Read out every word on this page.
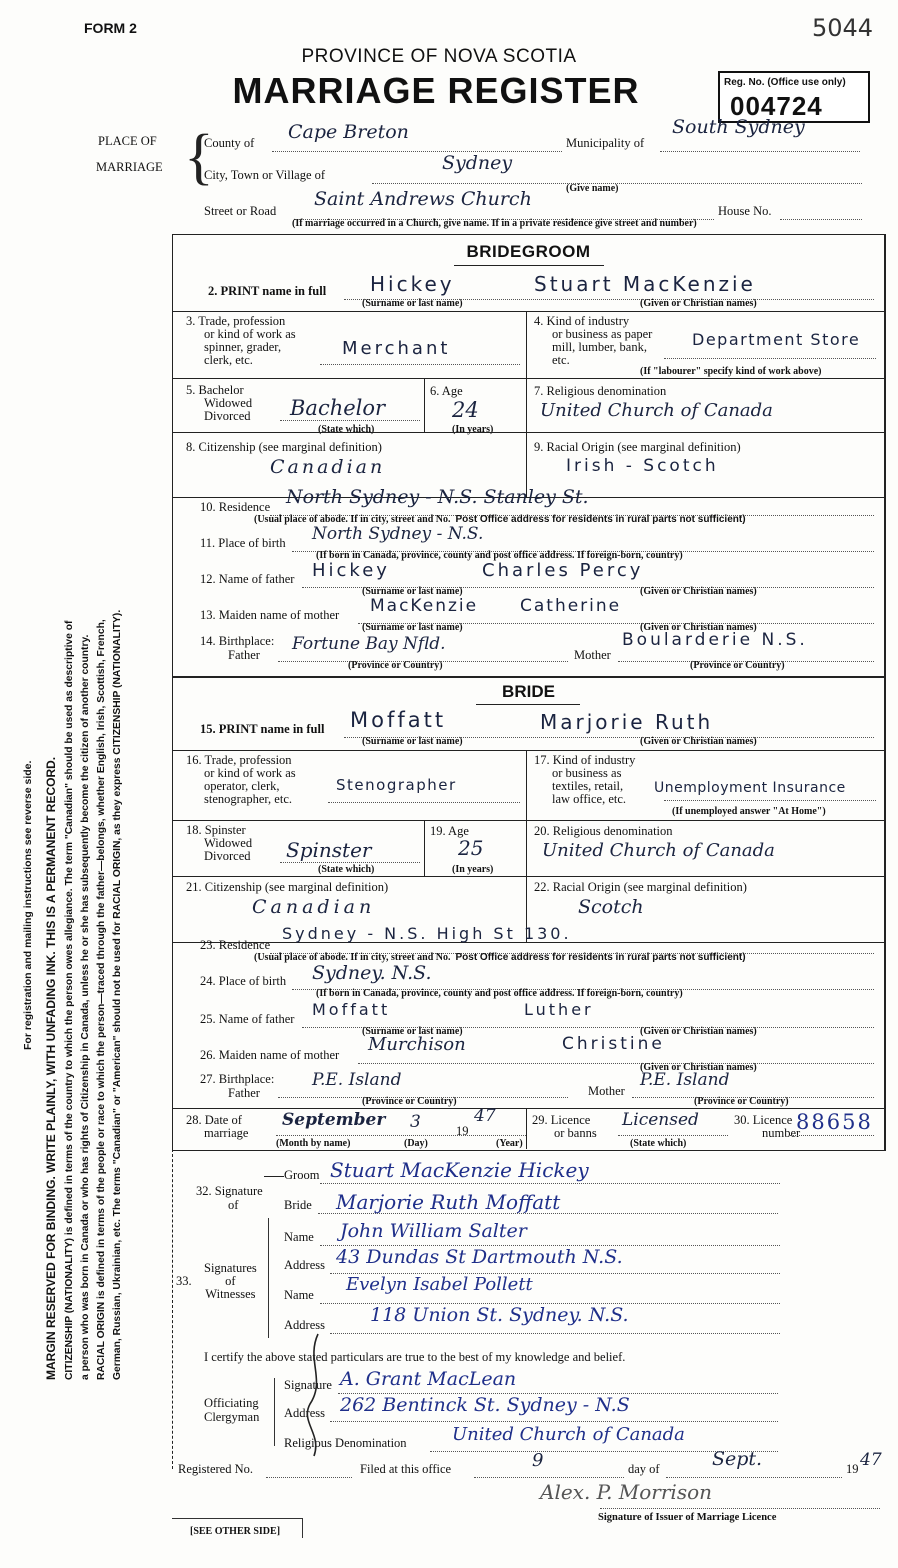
FORM 2	5044
PROVINCE OF NOVA SCOTIA
MARRIAGE REGISTER	Reg. No. (Office use only)
004724
PLACE OF
MARRIAGE {
County of Cape Breton	Municipality of
South Sydney
City, Town or Village of
Sydney
(Give name)
Street or Road
Saint Andrews Church
House No.
(If marriage occurred in a Church, give name. If in a private residence give street and number)
For registration and mailing instructions see reverse side. MARGIN RESERVED FOR BINDING. WRITE PLAINLY, WITH UNFADING INK. THIS IS A PERMANENT RECORD. CITIZENSHIP (NATIONALITY) is defined in terms of the country to which the person owes allegiance. The term "Canadian" should be used as descriptive of a person who was born in Canada or who has rights of Citizenship in Canada, unless he or she has subsequently become the citizen of another country. RACIAL ORIGIN is defined in terms of the people or race to which the person—traced through the father—belongs, whether English, Irish, Scottish, French, German, Russian, Ukrainian, etc. The terms "Canadian" or "American" should not be used for RACIAL ORIGIN, as they express CITIZENSHIP (NATIONALITY).
BRIDEGROOM
2. PRINT name in full Hickey	Stuart MacKenzie
(Surname or last name)	(Given or Christian names)
3. Trade, profession
or kind of work as
spinner, grader,
clerk, etc.
Merchant
4. Kind of industry
or business as paper
mill, lumber, bank,
etc.
Department Store
(If "labourer" specify kind of work above)
5. Bachelor
Widowed
Divorced Bachelor
(State which)
6. Age
24
(In years)
7. Religious denomination
United Church of Canada
8. Citizenship (see marginal definition)
Canadian
9. Racial Origin (see marginal definition)
Irish - Scotch
10. Residence North Sydney - N.S. Stanley St.
(Usual place of abode. If in city, street and No. Post Office address for residents in rural parts not sufficient)
11. Place of birth North Sydney - N.S.
(If born in Canada, province, county and post office address. If foreign-born, country)
12. Name of father Hickey	Charles Percy
(Surname or last name)	(Given or Christian names)
13. Maiden name of mother MacKenzie Catherine
(Surname or last name)	(Given or Christian names)
14. Birthplace:
Father
Fortune Bay Nfld.
Mother
Boularderie N.S.
(Province or Country)	(Province or Country)
BRIDE
15. PRINT name in full Moffatt	Marjorie Ruth
(Surname or last name)	(Given or Christian names)
16. Trade, profession
or kind of work as
operator, clerk,
stenographer, etc.
Stenographer
17. Kind of industry
or business as
textiles, retail,
law office, etc.
Unemployment Insurance
(If unemployed answer "At Home")
18. Spinster
Widowed
Divorced Spinster
(State which)
19. Age
25
(In years)
20. Religious denomination
United Church of Canada
21. Citizenship (see marginal definition)
Canadian
22. Racial Origin (see marginal definition)
Scotch
23. Residence
Sydney - N.S. High St 130.
(Usual place of abode. If in city, street and No. Post Office address for residents in rural parts not sufficient)
24. Place of birth Sydney. N.S.
(If born in Canada, province, county and post office address. If foreign-born, country)
25. Name of father Moffatt	Luther
(Surname or last name)	(Given or Christian names)
26. Maiden name of mother Murchison	Christine
(Given or Christian names)
27. Birthplace:
Father
P.E. Island
Mother
P.E. Island
(Province or Country)	(Province or Country)
28. Date of
marriage
September 3	19
47
(Month by name)	(Day)	(Year)
29. Licence
or banns
Licensed
(State which)
30. Licence
number
88658
32. Signature
of
Groom Stuart MacKenzie Hickey
Bride Marjorie Ruth Moffatt
Signatures
of
Witnesses
33.
Name John William Salter
Address 43 Dundas St Dartmouth N.S.
Name Evelyn Isabel Pollett
Address 118 Union St. Sydney. N.S.
I certify the above stated particulars are true to the best of my knowledge and belief.
Officiating
Clergyman
Signature A. Grant MacLean
Address 262 Bentinck St. Sydney - N.S
Religious Denomination	United Church of Canada
Registered No.	Filed at this office	9	day of	Sept.	19 47
Alex. P. Morrison
Signature of Issuer of Marriage Licence
[SEE OTHER SIDE]
